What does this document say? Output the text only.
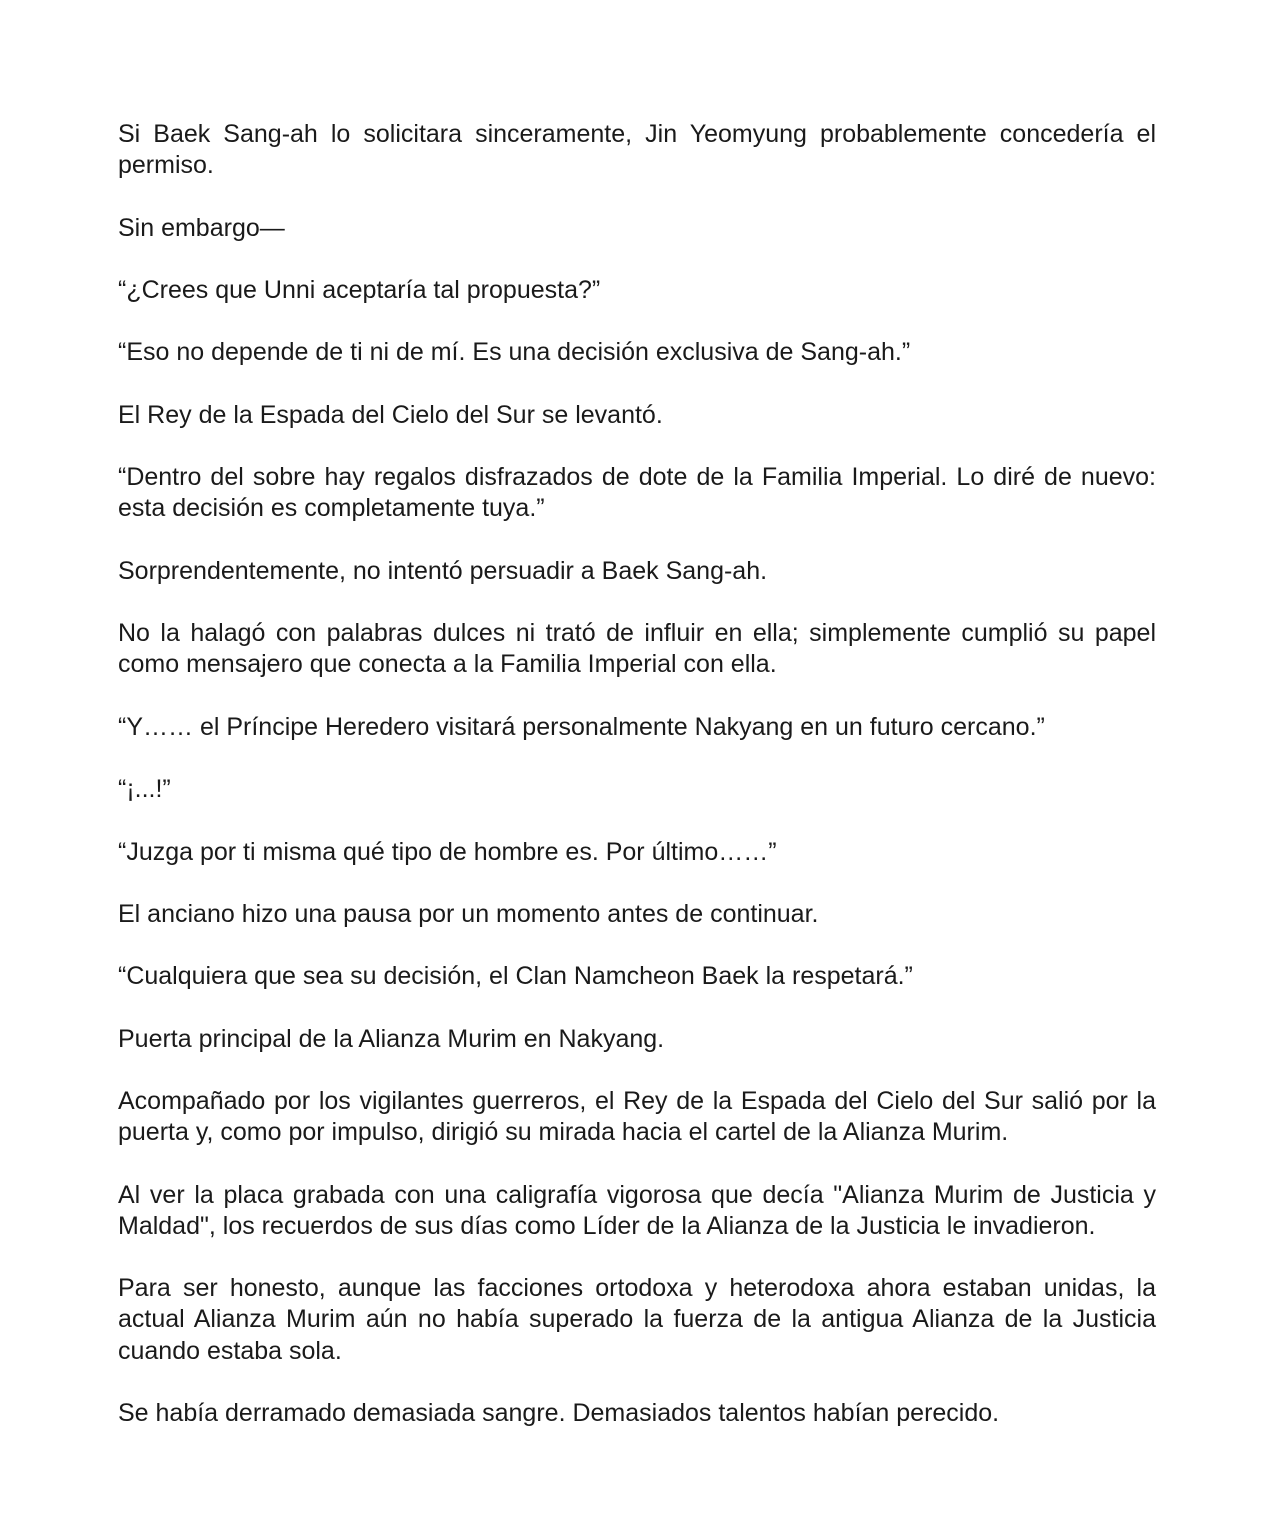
Si Baek Sang-ah lo solicitara sinceramente, Jin Yeomyung probablemente concedería el permiso.

Sin embargo—

“¿Crees que Unni aceptaría tal propuesta?”

“Eso no depende de ti ni de mí. Es una decisión exclusiva de Sang-ah.”

El Rey de la Espada del Cielo del Sur se levantó.

“Dentro del sobre hay regalos disfrazados de dote de la Familia Imperial. Lo diré de nuevo: esta decisión es completamente tuya.”

Sorprendentemente, no intentó persuadir a Baek Sang-ah.

No la halagó con palabras dulces ni trató de influir en ella; simplemente cumplió su papel como mensajero que conecta a la Familia Imperial con ella.

“Y…… el Príncipe Heredero visitará personalmente Nakyang en un futuro cercano.”

“¡...!”

“Juzga por ti misma qué tipo de hombre es. Por último……”

El anciano hizo una pausa por un momento antes de continuar.

“Cualquiera que sea su decisión, el Clan Namcheon Baek la respetará.”

Puerta principal de la Alianza Murim en Nakyang.

Acompañado por los vigilantes guerreros, el Rey de la Espada del Cielo del Sur salió por la puerta y, como por impulso, dirigió su mirada hacia el cartel de la Alianza Murim.

Al ver la placa grabada con una caligrafía vigorosa que decía "Alianza Murim de Justicia y Maldad", los recuerdos de sus días como Líder de la Alianza de la Justicia le invadieron.

Para ser honesto, aunque las facciones ortodoxa y heterodoxa ahora estaban unidas, la actual Alianza Murim aún no había superado la fuerza de la antigua Alianza de la Justicia cuando estaba sola.

Se había derramado demasiada sangre. Demasiados talentos habían perecido.
